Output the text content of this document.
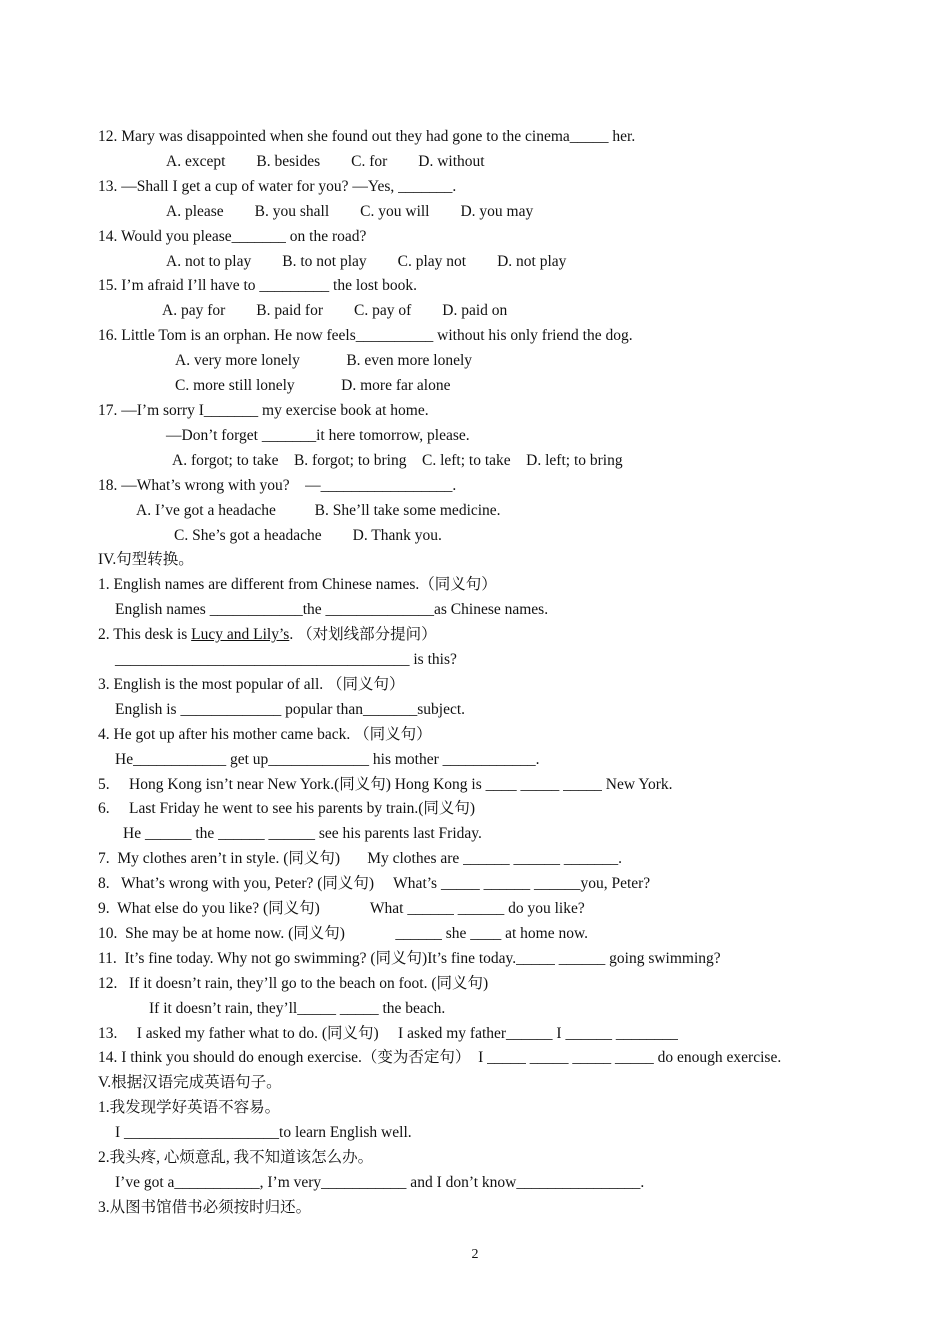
12. Mary was disappointed when she found out they had gone to the cinema_____ her.
A. except        B. besides        C. for        D. without
13. —Shall I get a cup of water for you? —Yes, _______.
A. please        B. you shall        C. you will        D. you may
14. Would you please_______ on the road?
A. not to play        B. to not play        C. play not        D. not play
15. I’m afraid I’ll have to _________ the lost book.
A. pay for        B. paid for        C. pay of        D. paid on
16. Little Tom is an orphan. He now feels__________ without his only friend the dog.
A. very more lonely            B. even more lonely
C. more still lonely            D. more far alone
17. —I’m sorry I_______ my exercise book at home.
—Don’t forget _______it here tomorrow, please.
A. forgot; to take    B. forgot; to bring    C. left; to take    D. left; to bring
18. —What’s wrong with you?    —_________________.
A. I’ve got a headache          B. She’ll take some medicine.
C. She’s got a headache        D. Thank you.
IV.句型转换。
1. English names are different from Chinese names.（同义句）
English names ____________the ______________as Chinese names.
2. This desk is Lucy and Lily’s. （对划线部分提问）
______________________________________ is this?
3. English is the most popular of all. （同义句）
English is _____________ popular than_______subject.
4. He got up after his mother came back. （同义句）
He____________ get up_____________ his mother ____________.
5.     Hong Kong isn’t near New York.(同义句) Hong Kong is ____ _____ _____ New York.
6.     Last Friday he went to see his parents by train.(同义句)
He ______ the ______ ______ see his parents last Friday.
7.  My clothes aren’t in style. (同义句)       My clothes are ______ ______ _______.
8.   What’s wrong with you, Peter? (同义句)     What’s _____ ______ ______you, Peter?
9.  What else do you like? (同义句)             What ______ ______ do you like?
10.  She may be at home now. (同义句)             ______ she ____ at home now.
11.  It’s fine today. Why not go swimming? (同义句)It’s fine today._____ ______ going swimming?
12.   If it doesn’t rain, they’ll go to the beach on foot. (同义句)
If it doesn’t rain, they’ll_____ _____ the beach.
13.     I asked my father what to do. (同义句)     I asked my father______ I ______ ________
14. I think you should do enough exercise.（变为否定句）  I _____ _____ _____ _____ do enough exercise.
V.根据汉语完成英语句子。
1.我发现学好英语不容易。
I ____________________to learn English well.
2.我头疼, 心烦意乱, 我不知道该怎么办。
I’ve got a___________, I’m very___________ and I don’t know________________.
3.从图书馆借书必须按时归还。
2
